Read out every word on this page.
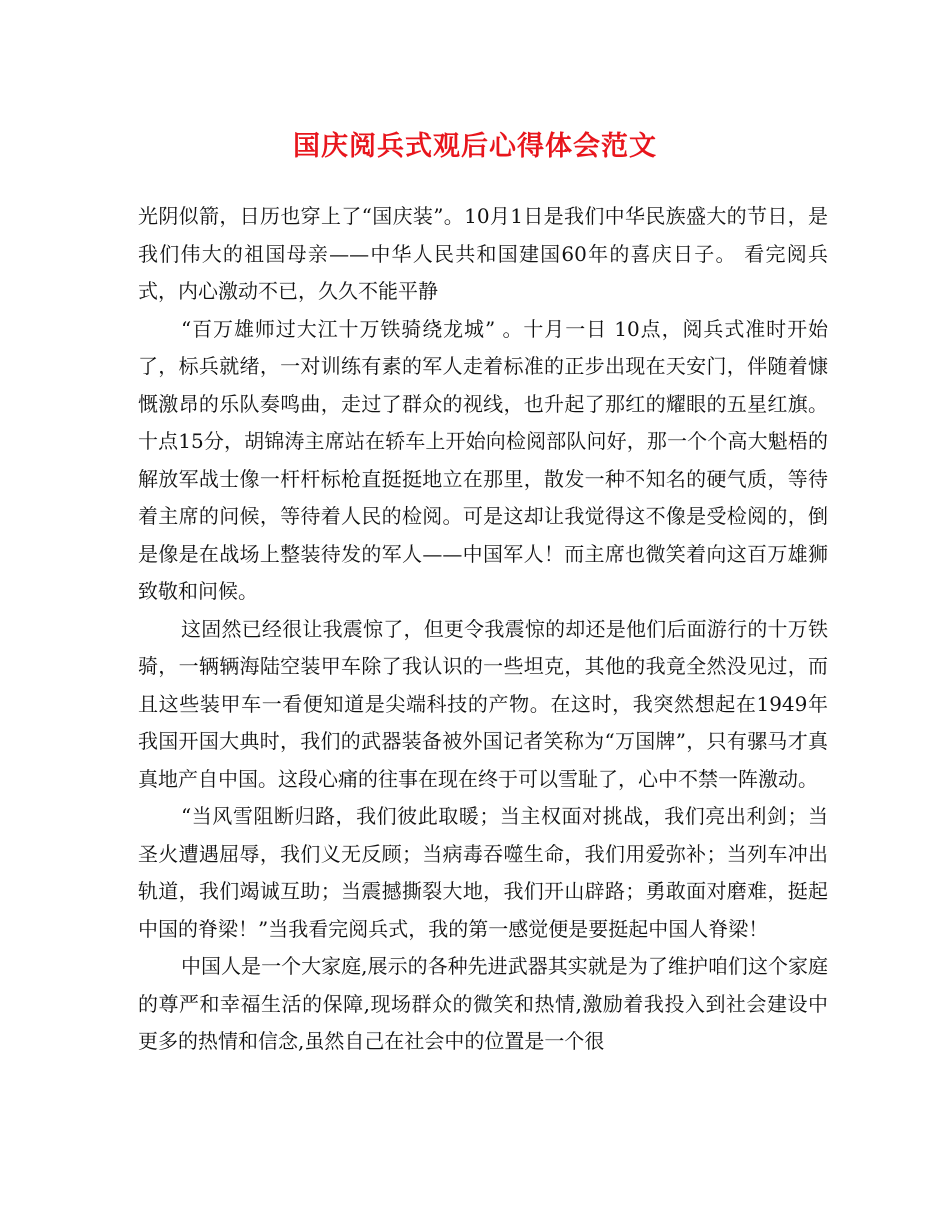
国庆阅兵式观后心得体会范文

光阴似箭，日历也穿上了“国庆装”。10月1日是我们中华民族盛大的节日，是我们伟大的祖国母亲——中华人民共和国建国60年的喜庆日子。 看完阅兵式，内心激动不已，久久不能平静

“百万雄师过大江十万铁骑绕龙城” 。十月一日 10点，阅兵式准时开始了，标兵就绪，一对训练有素的军人走着标准的正步出现在天安门，伴随着慷慨激昂的乐队奏鸣曲，走过了群众的视线，也升起了那红的耀眼的五星红旗。十点15分，胡锦涛主席站在轿车上开始向检阅部队问好，那一个个高大魁梧的解放军战士像一杆杆标枪直挺挺地立在那里，散发一种不知名的硬气质，等待着主席的问候，等待着人民的检阅。可是这却让我觉得这不像是受检阅的，倒是像是在战场上整装待发的军人——中国军人！而主席也微笑着向这百万雄狮致敬和问候。

这固然已经很让我震惊了，但更令我震惊的却还是他们后面游行的十万铁骑，一辆辆海陆空装甲车除了我认识的一些坦克，其他的我竟全然没见过，而且这些装甲车一看便知道是尖端科技的产物。在这时，我突然想起在1949年我国开国大典时，我们的武器装备被外国记者笑称为“万国牌”，只有骡马才真真地产自中国。这段心痛的往事在现在终于可以雪耻了，心中不禁一阵激动。

“当风雪阻断归路，我们彼此取暖；当主权面对挑战，我们亮出利剑；当圣火遭遇屈辱，我们义无反顾；当病毒吞噬生命，我们用爱弥补；当列车冲出轨道，我们竭诚互助；当震撼撕裂大地，我们开山辟路；勇敢面对磨难，挺起中国的脊梁！”当我看完阅兵式，我的第一感觉便是要挺起中国人脊梁！

中国人是一个大家庭,展示的各种先进武器其实就是为了维护咱们这个家庭的尊严和幸福生活的保障,现场群众的微笑和热情,激励着我投入到社会建设中更多的热情和信念,虽然自己在社会中的位置是一个很
